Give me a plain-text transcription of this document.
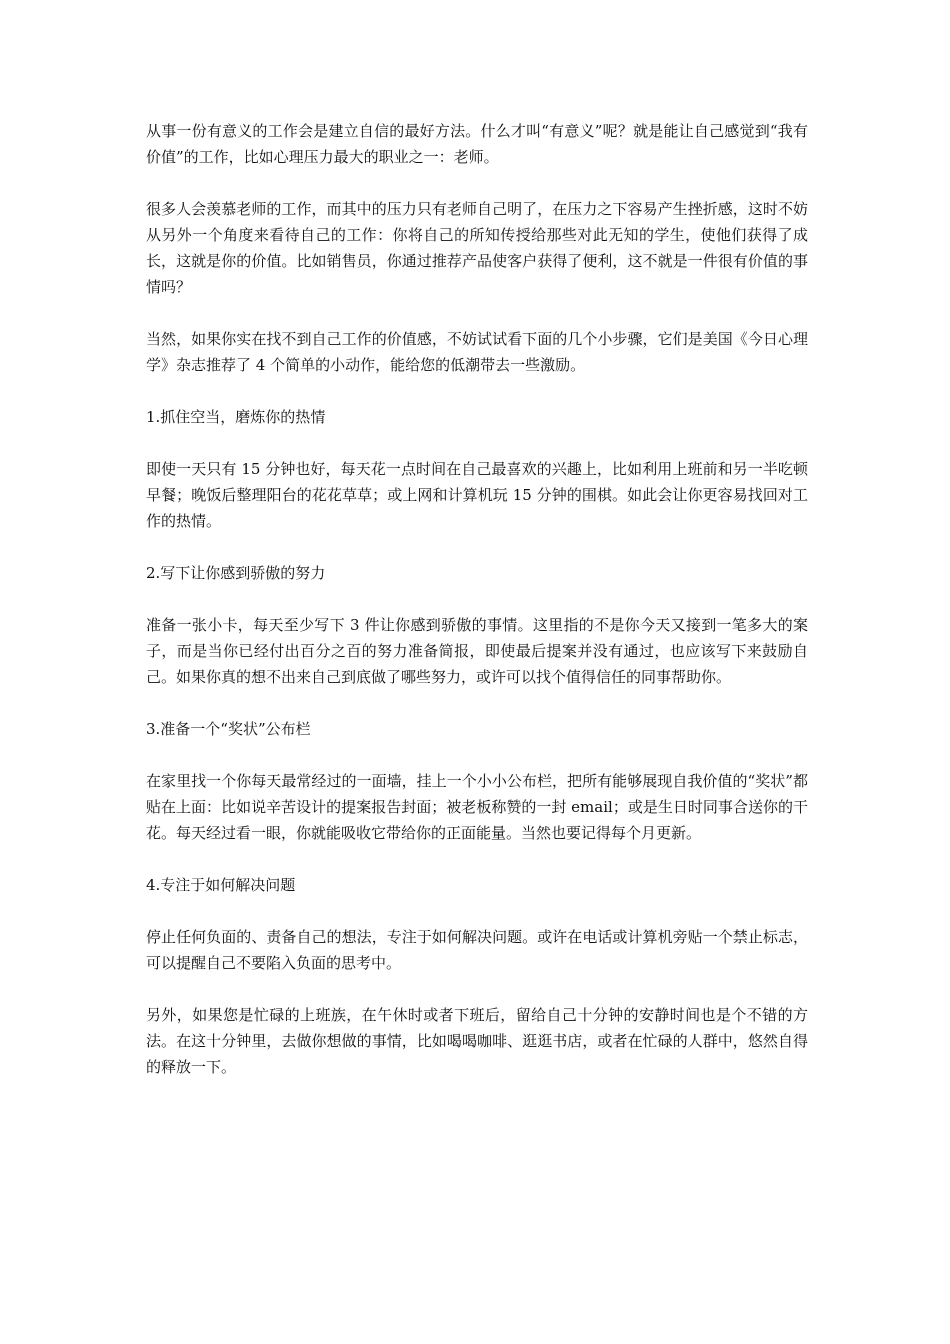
从事一份有意义的工作会是建立自信的最好方法。什么才叫“有意义”呢？就是能让自己感觉到“我有价值”的工作，比如心理压力最大的职业之一：老师。

很多人会羡慕老师的工作，而其中的压力只有老师自己明了，在压力之下容易产生挫折感，这时不妨从另外一个角度来看待自己的工作：你将自己的所知传授给那些对此无知的学生，使他们获得了成长，这就是你的价值。比如销售员，你通过推荐产品使客户获得了便利，这不就是一件很有价值的事情吗？

当然，如果你实在找不到自己工作的价值感，不妨试试看下面的几个小步骤，它们是美国《今日心理学》杂志推荐了 4 个简单的小动作，能给您的低潮带去一些激励。

1.抓住空当，磨炼你的热情

即使一天只有 15 分钟也好，每天花一点时间在自己最喜欢的兴趣上，比如利用上班前和另一半吃顿早餐；晚饭后整理阳台的花花草草；或上网和计算机玩 15 分钟的围棋。如此会让你更容易找回对工作的热情。

2.写下让你感到骄傲的努力

准备一张小卡，每天至少写下 3 件让你感到骄傲的事情。这里指的不是你今天又接到一笔多大的案子，而是当你已经付出百分之百的努力准备简报，即使最后提案并没有通过，也应该写下来鼓励自己。如果你真的想不出来自己到底做了哪些努力，或许可以找个值得信任的同事帮助你。

3.准备一个“奖状”公布栏

在家里找一个你每天最常经过的一面墙，挂上一个小小公布栏，把所有能够展现自我价值的“奖状”都贴在上面：比如说辛苦设计的提案报告封面；被老板称赞的一封 email；或是生日时同事合送你的干花。每天经过看一眼，你就能吸收它带给你的正面能量。当然也要记得每个月更新。

4.专注于如何解决问题

停止任何负面的、责备自己的想法，专注于如何解决问题。或许在电话或计算机旁贴一个禁止标志，可以提醒自己不要陷入负面的思考中。

另外，如果您是忙碌的上班族，在午休时或者下班后，留给自己十分钟的安静时间也是个不错的方法。在这十分钟里，去做你想做的事情，比如喝喝咖啡、逛逛书店，或者在忙碌的人群中，悠然自得的释放一下。
